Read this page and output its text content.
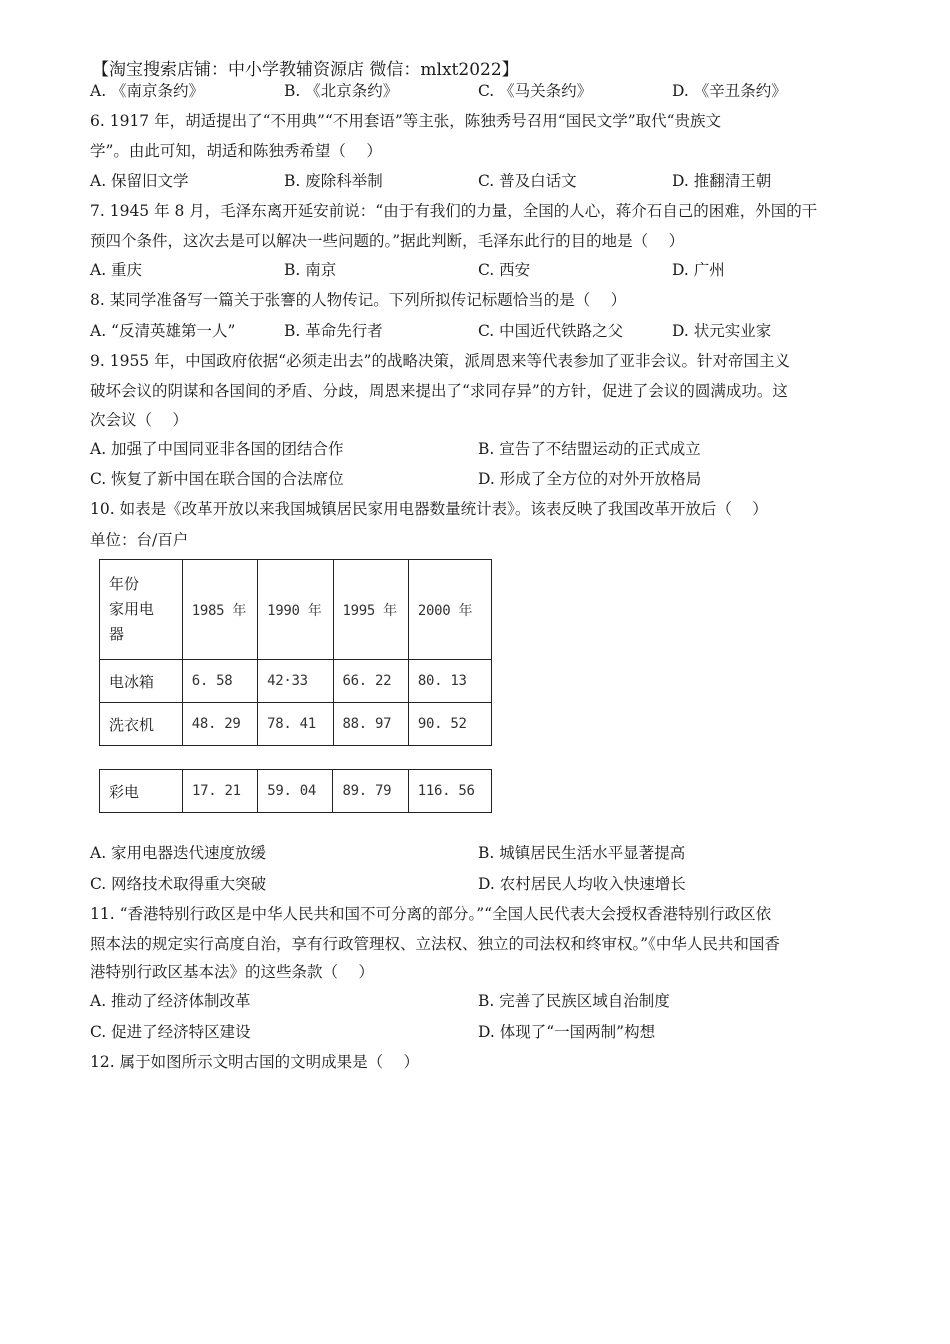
【淘宝搜索店铺：中小学教辅资源店 微信：mlxt2022】
A. 《南京条约》	B. 《北京条约》	C. 《马关条约》	D. 《辛丑条约》
6. 1917 年，胡适提出了“不用典”“不用套语”等主张，陈独秀号召用“国民文学”取代“贵族文
学”。由此可知，胡适和陈独秀希望（　 ）
A. 保留旧文学	B. 废除科举制	C. 普及白话文	D. 推翻清王朝
7. 1945 年 8 月，毛泽东离开延安前说：“由于有我们的力量，全国的人心，蒋介石自己的困难，外国的干
预四个条件，这次去是可以解决一些问题的。”据此判断，毛泽东此行的目的地是（　 ）
A. 重庆	B. 南京	C. 西安	D. 广州
8. 某同学准备写一篇关于张謇的人物传记。下列所拟传记标题恰当的是（　 ）
A. “反清英雄第一人”	B. 革命先行者	C. 中国近代铁路之父	D. 状元实业家
9. 1955 年，中国政府依据“必须走出去”的战略决策，派周恩来等代表参加了亚非会议。针对帝国主义
破坏会议的阴谋和各国间的矛盾、分歧，周恩来提出了“求同存异”的方针，促进了会议的圆满成功。这
次会议（　 ）
A. 加强了中国同亚非各国的团结合作	B. 宣告了不结盟运动的正式成立
C. 恢复了新中国在联合国的合法席位	D. 形成了全方位的对外开放格局
10. 如表是《改革开放以来我国城镇居民家用电器数量统计表》。该表反映了我国改革开放后（　 ）
单位：台/百户
年份
家用电
器	1985 年	1990 年	1995 年	2000 年
电冰箱	6. 58	42·33	66. 22	80. 13
洗衣机	48. 29	78. 41	88. 97	90. 52
彩电	17. 21	59. 04	89. 79	116. 56
A. 家用电器迭代速度放缓	B. 城镇居民生活水平显著提高
C. 网络技术取得重大突破	D. 农村居民人均收入快速增长
11. “香港特别行政区是中华人民共和国不可分离的部分。”“全国人民代表大会授权香港特别行政区依
照本法的规定实行高度自治，享有行政管理权、立法权、独立的司法权和终审权。”《中华人民共和国香
港特别行政区基本法》的这些条款（　 ）
A. 推动了经济体制改革	B. 完善了民族区域自治制度
C. 促进了经济特区建设	D. 体现了“一国两制”构想
12. 属于如图所示文明古国的文明成果是（　 ）
